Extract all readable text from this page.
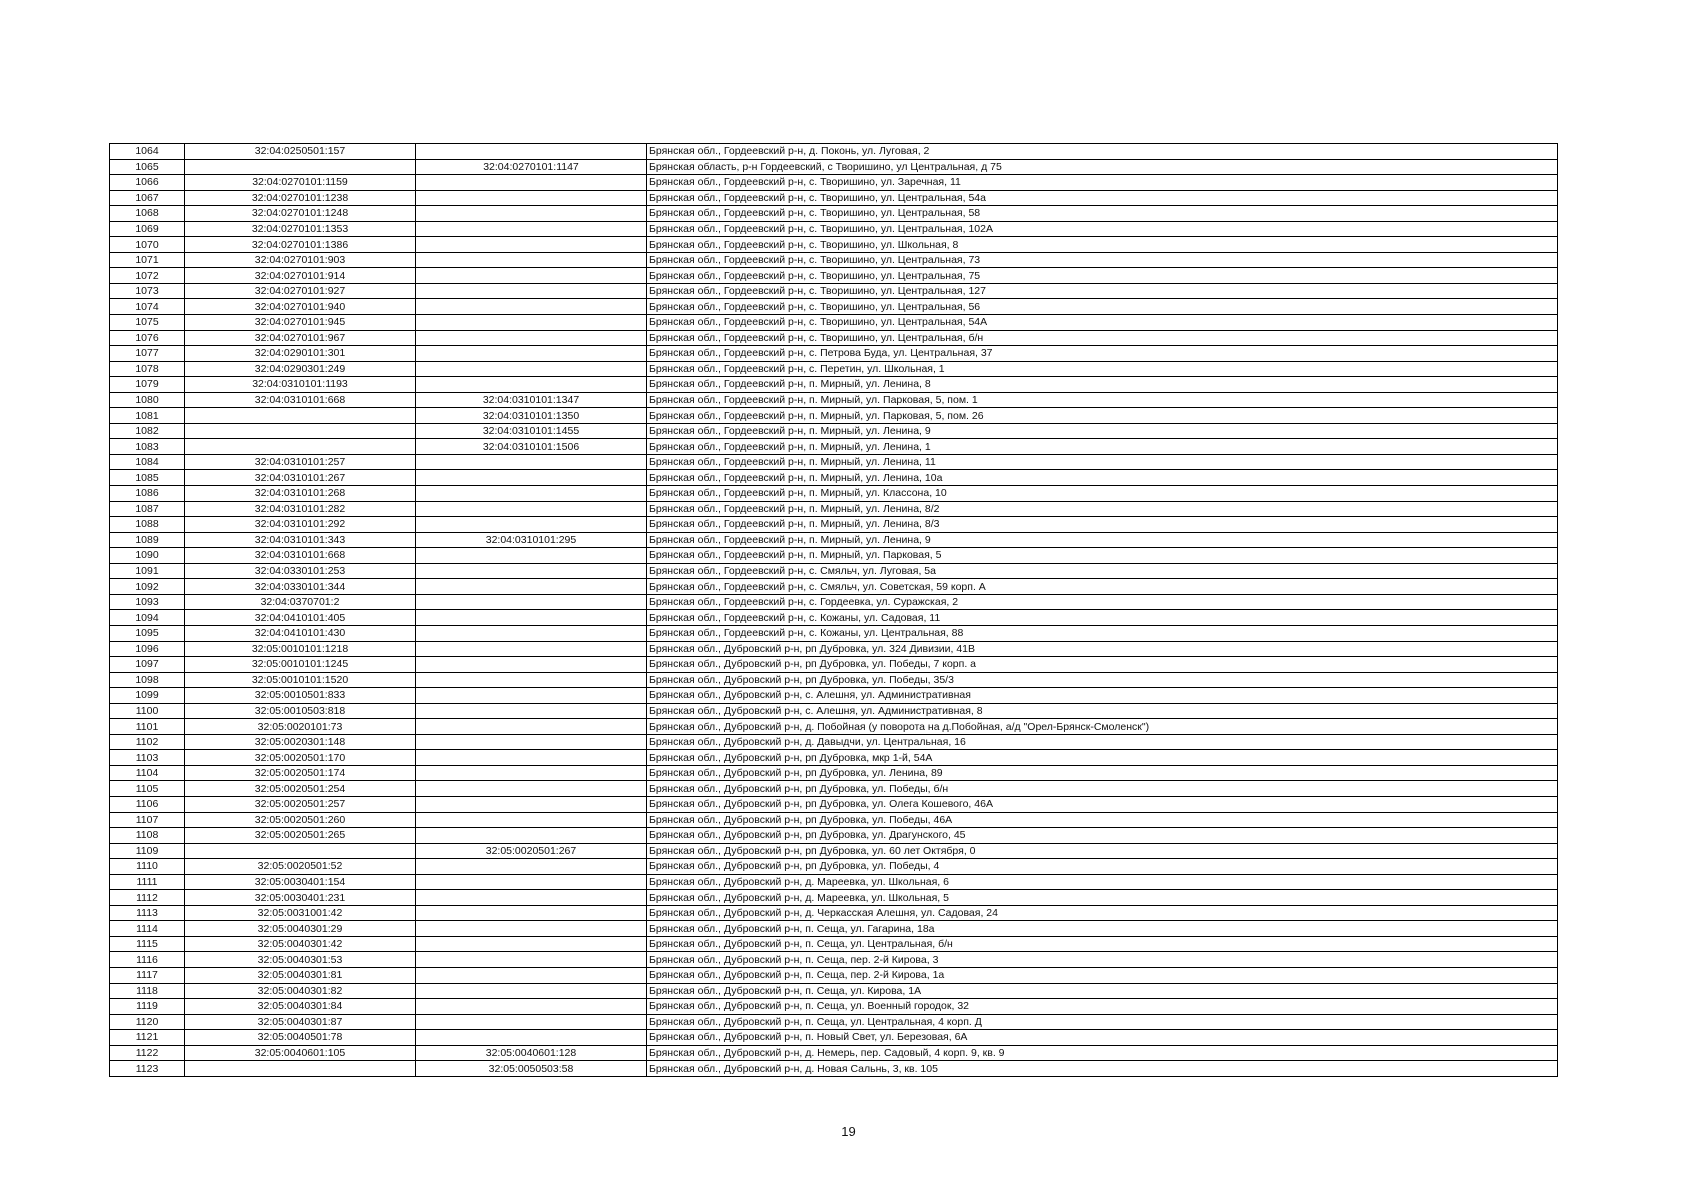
1064	32:04:0250501:157		Брянская обл., Гордеевский р-н, д. Поконь, ул. Луговая, 2
1065		32:04:0270101:1147	Брянская область, р-н Гордеевский, с Творишино, ул Центральная, д 75
1066	32:04:0270101:1159		Брянская обл., Гордеевский р-н, с. Творишино, ул. Заречная, 11
1067	32:04:0270101:1238		Брянская обл., Гордеевский р-н, с. Творишино, ул. Центральная, 54а
1068	32:04:0270101:1248		Брянская обл., Гордеевский р-н, с. Творишино, ул. Центральная, 58
1069	32:04:0270101:1353		Брянская обл., Гордеевский р-н, с. Творишино, ул. Центральная, 102А
1070	32:04:0270101:1386		Брянская обл., Гордеевский р-н, с. Творишино, ул. Школьная, 8
1071	32:04:0270101:903		Брянская обл., Гордеевский р-н, с. Творишино, ул. Центральная, 73
1072	32:04:0270101:914		Брянская обл., Гордеевский р-н, с. Творишино, ул. Центральная, 75
1073	32:04:0270101:927		Брянская обл., Гордеевский р-н, с. Творишино, ул. Центральная, 127
1074	32:04:0270101:940		Брянская обл., Гордеевский р-н, с. Творишино, ул. Центральная, 56
1075	32:04:0270101:945		Брянская обл., Гордеевский р-н, с. Творишино, ул. Центральная, 54А
1076	32:04:0270101:967		Брянская обл., Гордеевский р-н, с. Творишино, ул. Центральная, б/н
1077	32:04:0290101:301		Брянская обл., Гордеевский р-н, с. Петрова Буда, ул. Центральная, 37
1078	32:04:0290301:249		Брянская обл., Гордеевский р-н, с. Перетин, ул. Школьная, 1
1079	32:04:0310101:1193		Брянская обл., Гордеевский р-н, п. Мирный, ул. Ленина, 8
1080	32:04:0310101:668	32:04:0310101:1347	Брянская обл., Гордеевский р-н, п. Мирный, ул. Парковая, 5, пом. 1
1081		32:04:0310101:1350	Брянская обл., Гордеевский р-н, п. Мирный, ул. Парковая, 5, пом. 26
1082		32:04:0310101:1455	Брянская обл., Гордеевский р-н, п. Мирный, ул. Ленина, 9
1083		32:04:0310101:1506	Брянская обл., Гордеевский р-н, п. Мирный, ул. Ленина, 1
1084	32:04:0310101:257		Брянская обл., Гордеевский р-н, п. Мирный, ул. Ленина, 11
1085	32:04:0310101:267		Брянская обл., Гордеевский р-н, п. Мирный, ул. Ленина, 10а
1086	32:04:0310101:268		Брянская обл., Гордеевский р-н, п. Мирный, ул. Классона, 10
1087	32:04:0310101:282		Брянская обл., Гордеевский р-н, п. Мирный, ул. Ленина, 8/2
1088	32:04:0310101:292		Брянская обл., Гордеевский р-н, п. Мирный, ул. Ленина, 8/3
1089	32:04:0310101:343	32:04:0310101:295	Брянская обл., Гордеевский р-н, п. Мирный, ул. Ленина, 9
1090	32:04:0310101:668		Брянская обл., Гордеевский р-н, п. Мирный, ул. Парковая, 5
1091	32:04:0330101:253		Брянская обл., Гордеевский р-н, с. Смяльч, ул. Луговая, 5а
1092	32:04:0330101:344		Брянская обл., Гордеевский р-н, с. Смяльч, ул. Советская, 59 корп. А
1093	32:04:0370701:2		Брянская обл., Гордеевский р-н, с. Гордеевка, ул. Суражская, 2
1094	32:04:0410101:405		Брянская обл., Гордеевский р-н, с. Кожаны, ул. Садовая, 11
1095	32:04:0410101:430		Брянская обл., Гордеевский р-н, с. Кожаны, ул. Центральная, 88
1096	32:05:0010101:1218		Брянская обл., Дубровский р-н, рп Дубровка, ул. 324 Дивизии, 41В
1097	32:05:0010101:1245		Брянская обл., Дубровский р-н, рп Дубровка, ул. Победы, 7 корп. а
1098	32:05:0010101:1520		Брянская обл., Дубровский р-н, рп Дубровка, ул. Победы, 35/3
1099	32:05:0010501:833		Брянская обл., Дубровский р-н, с. Алешня, ул. Административная
1100	32:05:0010503:818		Брянская обл., Дубровский р-н, с. Алешня, ул. Административная, 8
1101	32:05:0020101:73		Брянская обл., Дубровский р-н, д. Побойная (у поворота на д.Побойная, а/д "Орел-Брянск-Смоленск")
1102	32:05:0020301:148		Брянская обл., Дубровский р-н, д. Давыдчи, ул. Центральная, 16
1103	32:05:0020501:170		Брянская обл., Дубровский р-н, рп Дубровка, мкр 1-й, 54А
1104	32:05:0020501:174		Брянская обл., Дубровский р-н, рп Дубровка, ул. Ленина, 89
1105	32:05:0020501:254		Брянская обл., Дубровский р-н, рп Дубровка, ул. Победы, б/н
1106	32:05:0020501:257		Брянская обл., Дубровский р-н, рп Дубровка, ул. Олега Кошевого, 46А
1107	32:05:0020501:260		Брянская обл., Дубровский р-н, рп Дубровка, ул. Победы, 46А
1108	32:05:0020501:265		Брянская обл., Дубровский р-н, рп Дубровка, ул. Драгунского, 45
1109		32:05:0020501:267	Брянская обл., Дубровский р-н, рп Дубровка, ул. 60 лет Октября, 0
1110	32:05:0020501:52		Брянская обл., Дубровский р-н, рп Дубровка, ул. Победы, 4
1111	32:05:0030401:154		Брянская обл., Дубровский р-н, д. Мареевка, ул. Школьная, 6
1112	32:05:0030401:231		Брянская обл., Дубровский р-н, д. Мареевка, ул. Школьная, 5
1113	32:05:0031001:42		Брянская обл., Дубровский р-н, д. Черкасская Алешня, ул. Садовая, 24
1114	32:05:0040301:29		Брянская обл., Дубровский р-н, п. Сеща, ул. Гагарина, 18а
1115	32:05:0040301:42		Брянская обл., Дубровский р-н, п. Сеща, ул. Центральная, б/н
1116	32:05:0040301:53		Брянская обл., Дубровский р-н, п. Сеща, пер. 2-й Кирова, 3
1117	32:05:0040301:81		Брянская обл., Дубровский р-н, п. Сеща, пер. 2-й Кирова, 1а
1118	32:05:0040301:82		Брянская обл., Дубровский р-н, п. Сеща, ул. Кирова, 1А
1119	32:05:0040301:84		Брянская обл., Дубровский р-н, п. Сеща, ул. Военный городок, 32
1120	32:05:0040301:87		Брянская обл., Дубровский р-н, п. Сеща, ул. Центральная, 4 корп. Д
1121	32:05:0040501:78		Брянская обл., Дубровский р-н, п. Новый Свет, ул. Березовая, 6А
1122	32:05:0040601:105	32:05:0040601:128	Брянская обл., Дубровский р-н, д. Немерь, пер. Садовый, 4 корп. 9, кв. 9
1123		32:05:0050503:58	Брянская обл., Дубровский р-н, д. Новая Сальнь, 3, кв. 105
19
